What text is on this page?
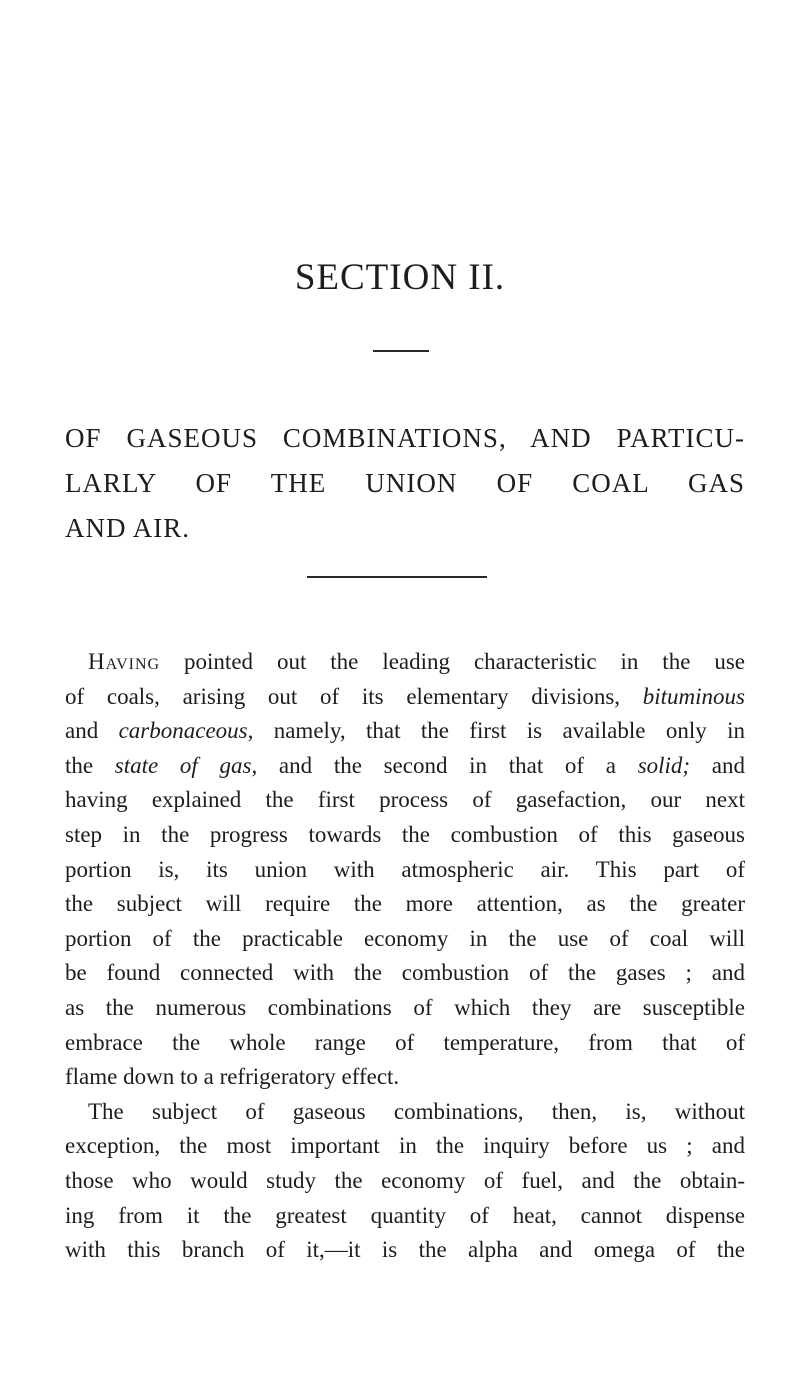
SECTION II.
OF GASEOUS COMBINATIONS, AND PARTICU-
LARLY OF THE UNION OF COAL GAS
AND AIR.
Having pointed out the leading characteristic in the use
of coals, arising out of its elementary divisions, bituminous
and carbonaceous, namely, that the first is available only in
the state of gas, and the second in that of a solid; and
having explained the first process of gasefaction, our next
step in the progress towards the combustion of this gaseous
portion is, its union with atmospheric air. This part of
the subject will require the more attention, as the greater
portion of the practicable economy in the use of coal will
be found connected with the combustion of the gases ; and
as the numerous combinations of which they are susceptible
embrace the whole range of temperature, from that of
flame down to a refrigeratory effect.
The subject of gaseous combinations, then, is, without
exception, the most important in the inquiry before us ; and
those who would study the economy of fuel, and the obtain-
ing from it the greatest quantity of heat, cannot dispense
with this branch of it,—it is the alpha and omega of the
